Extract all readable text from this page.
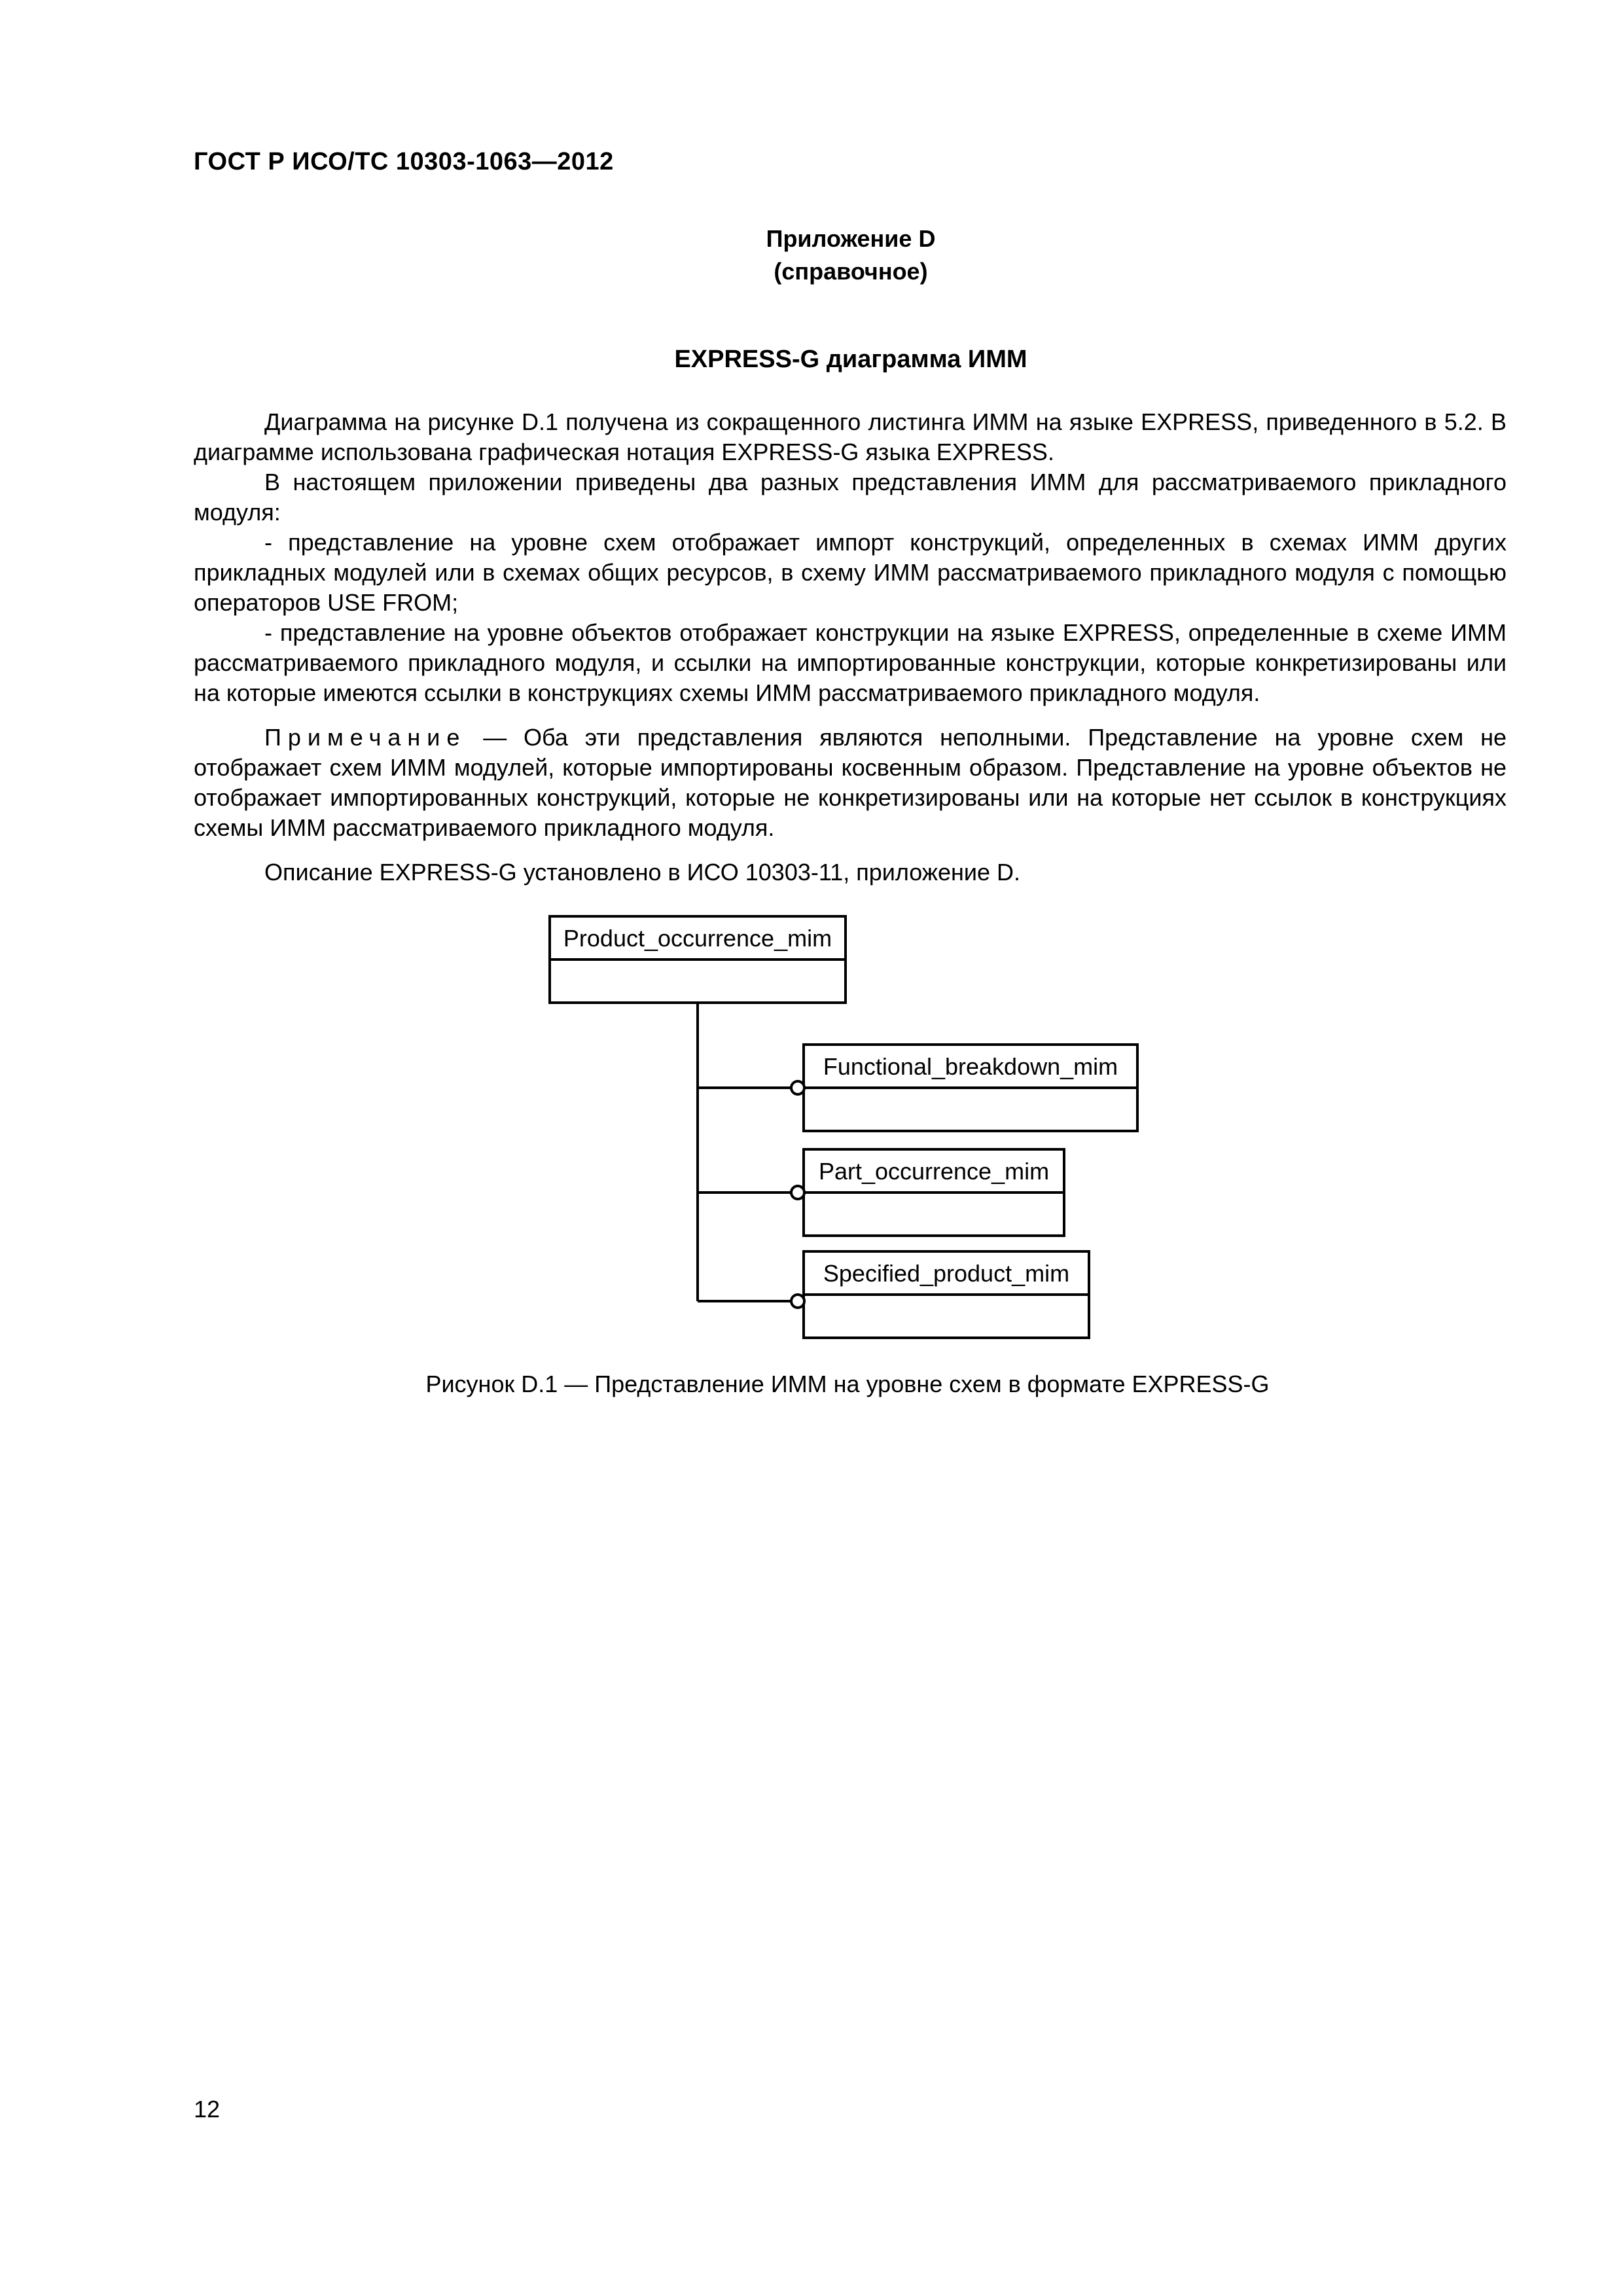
ГОСТ Р ИСО/ТС 10303-1063—2012
Приложение D
(справочное)
EXPRESS-G диаграмма ИММ

Диаграмма на рисунке D.1 получена из сокращенного листинга ИММ на языке EXPRESS, приведенного в 5.2. В диаграмме использована графическая нотация EXPRESS-G языка EXPRESS.

В настоящем приложении приведены два разных представления ИММ для рассматриваемого прикладного модуля:

- представление на уровне схем отображает импорт конструкций, определенных в схемах ИММ других прикладных модулей или в схемах общих ресурсов, в схему ИММ рассматриваемого прикладного модуля с помощью операторов USE FROM;

- представление на уровне объектов отображает конструкции на языке EXPRESS, определенные в схеме ИММ рассматриваемого прикладного модуля, и ссылки на импортированные конструкции, которые конкретизированы или на которые имеются ссылки в конструкциях схемы ИММ рассматриваемого прикладного модуля.

Примечание — Оба эти представления являются неполными. Представление на уровне схем не отображает схем ИММ модулей, которые импортированы косвенным образом. Представление на уровне объектов не отображает импортированных конструкций, которые не конкретизированы или на которые нет ссылок в конструкциях схемы ИММ рассматриваемого прикладного модуля.

Описание EXPRESS-G установлено в ИСО 10303-11, приложение D.

Product_occurrence_mim
Functional_breakdown_mim
Part_occurrence_mim
Specified_product_mim
Рисунок D.1 — Представление ИММ на уровне схем в формате EXPRESS-G
12
